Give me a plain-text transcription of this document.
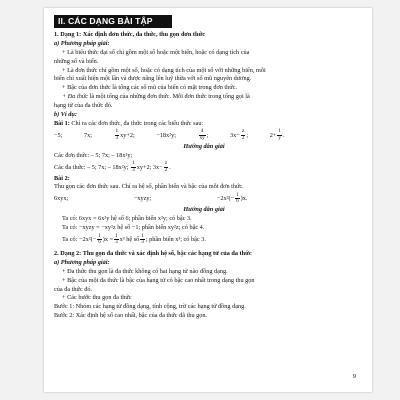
II. CÁC DẠNG BÀI TẬP
1. Dạng 1: Xác định đơn thức, đa thức, thu gọn đơn thức
a) Phương pháp giải:
+ Là biểu thức đại số chỉ gồm một số hoặc một biến, hoặc có dạng tích của
những số và biến.
+ Là đơn thức chỉ gồm một số, hoặc có dạng tích của một số với những biến, mỗi
biến chỉ xuất hiện một lần và được nâng lên luỹ thừa với số mũ nguyên dương.
+ Bậc của đơn thức là tổng các số mũ của biến có mặt trong đơn thức.
+ Đa thức là một tổng của những đơn thức. Mỗi đơn thức trong tổng gọi là
hạng tử của đa thức đó.
b) Ví dụ:
Bài 1: Chỉ ra các đơn thức, đa thức trong các biểu thức sau:
−5;	7x;	$\frac{1}{3} xy+2$;	−18x²y;	$\frac{4}{xy}$ ;	$3x- \frac{z}{2}$ ;	$2+ \frac{1}{y}$ .
Hướng dẫn giải
Các đơn thức: – 5; 7x; – 18x²y;
Các đa thức: – 5; 7x; – 18x²y; $\frac{1}{3} xy+2$; $3x- \frac{z}{2}$ .
Bài 2:
Thu gọn các đơn thức sau. Chỉ ra hệ số, phần biến và bậc của mỗi đơn thức.
6xyx;	−xyzy;	$-2x^2(- \frac{1}{6} )x$.
Hướng dẫn giải
Ta có: 6xyx = 6x²y hệ số 6; phần biến x²y; có bậc 3.
Ta có: −xyzy = −xy²z hệ số −1; phần biến xy²z; có bậc 4.
Ta có: $-2x^2(- \frac{1}{6} )x = \frac{1}{3} x^3$ hệ số $\frac{1}{3}$ ; phần biến x³; có bậc 3.
2. Dạng 2: Thu gọn đa thức và xác định hệ số, bậc các hạng tử của đa thức
a) Phương pháp giải:
+ Đa thức thu gọn là đa thức không có hai hạng tử nào đồng dạng.
+ Bậc của một đa thức là bậc của hạng tử có bậc cao nhất trong dạng thu gọn
của đa thức đó.
+ Các bước thu gọn đa thức
Bước 1: Nhóm các hạng tử đồng dạng, tính cộng, trừ các hạng tử đồng dạng.
Bước 2: Xác định hệ số cao nhất, bậc của đa thức đã thu gọn.
9
